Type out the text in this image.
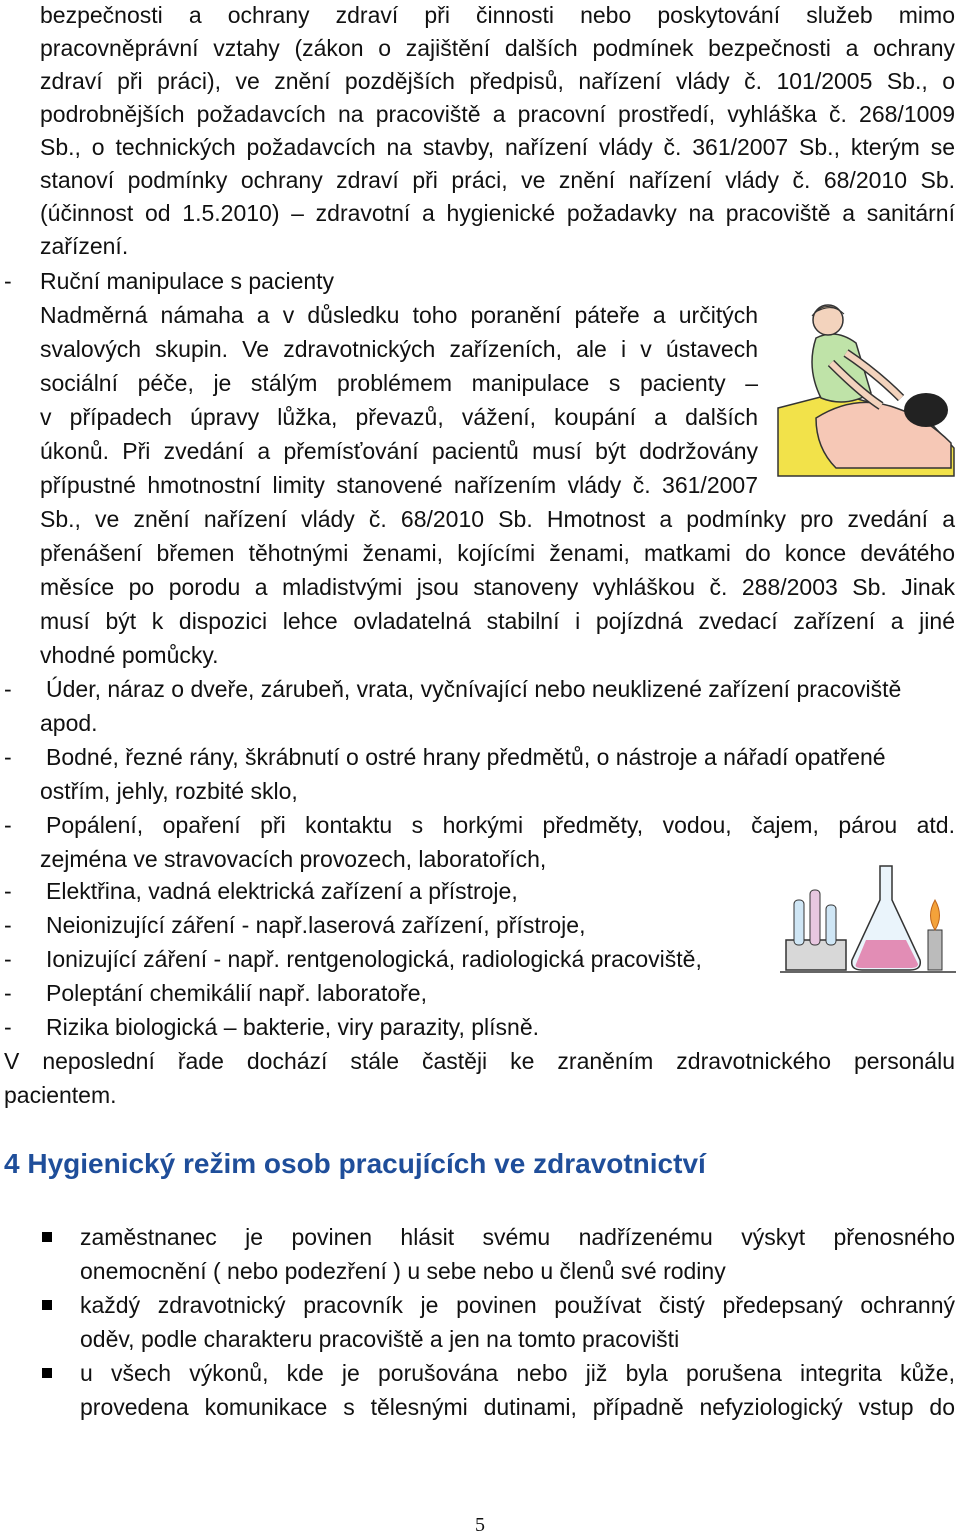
bezpečnosti a ochrany zdraví při činnosti nebo poskytování služeb mimo
pracovněprávní vztahy (zákon o zajištění dalších podmínek bezpečnosti a ochrany
zdraví při práci), ve znění pozdějších předpisů, nařízení vlády č. 101/2005 Sb., o
podrobnějších požadavcích na pracoviště a pracovní prostředí, vyhláška č. 268/1009
Sb., o technických požadavcích na stavby, nařízení vlády č. 361/2007 Sb., kterým se
stanoví podmínky ochrany zdraví při práci, ve znění nařízení vlády č. 68/2010 Sb.
(účinnost od 1.5.2010) – zdravotní a hygienické požadavky na pracoviště a sanitární
zařízení.
- Ruční manipulace s pacienty
Nadměrná námaha a v důsledku toho poranění páteře a určitých
svalových skupin. Ve zdravotnických zařízeních, ale i v ústavech
sociální péče, je stálým problémem manipulace s pacienty –
v případech úpravy lůžka, převazů, vážení, koupání a dalších
úkonů. Při zvedání a přemísťování pacientů musí být dodržovány
přípustné hmotnostní limity stanovené nařízením vlády č. 361/2007
Sb., ve znění nařízení vlády č. 68/2010 Sb. Hmotnost a podmínky pro zvedání a
přenášení břemen těhotnými ženami, kojícími ženami, matkami do konce devátého
měsíce po porodu a mladistvými jsou stanoveny vyhláškou č. 288/2003 Sb. Jinak
musí být k dispozici lehce ovladatelná stabilní i pojízdná zvedací zařízení a jiné
vhodné pomůcky.
- Úder, náraz o dveře, zárubeň, vrata, vyčnívající nebo neuklizené zařízení pracoviště
apod.
- Bodné, řezné rány, škrábnutí o ostré hrany předmětů, o nástroje a nářadí opatřené
ostřím, jehly, rozbité sklo,
- Popálení, opaření při kontaktu s horkými předměty, vodou, čajem, párou atd.
zejména ve stravovacích provozech, laboratořích,
- Elektřina, vadná elektrická zařízení a přístroje,
- Neionizující záření - např.laserová zařízení, přístroje,
- Ionizující záření - např. rentgenologická, radiologická pracoviště,
- Poleptání chemikálií např. laboratoře,
- Rizika biologická – bakterie, viry parazity, plísně.
V neposlední řade dochází stále častěji ke zraněním zdravotnického personálu
pacientem.
4 Hygienický režim osob pracujících ve zdravotnictví
zaměstnanec je povinen hlásit svému nadřízenému výskyt přenosného
onemocnění ( nebo podezření ) u sebe nebo u členů své rodiny
každý zdravotnický pracovník je povinen používat čistý předepsaný ochranný
oděv, podle charakteru pracoviště a jen na tomto pracovišti
u všech výkonů, kde je porušována nebo již byla porušena integrita kůže,
provedena komunikace s tělesnými dutinami, případně nefyziologický vstup do
5
